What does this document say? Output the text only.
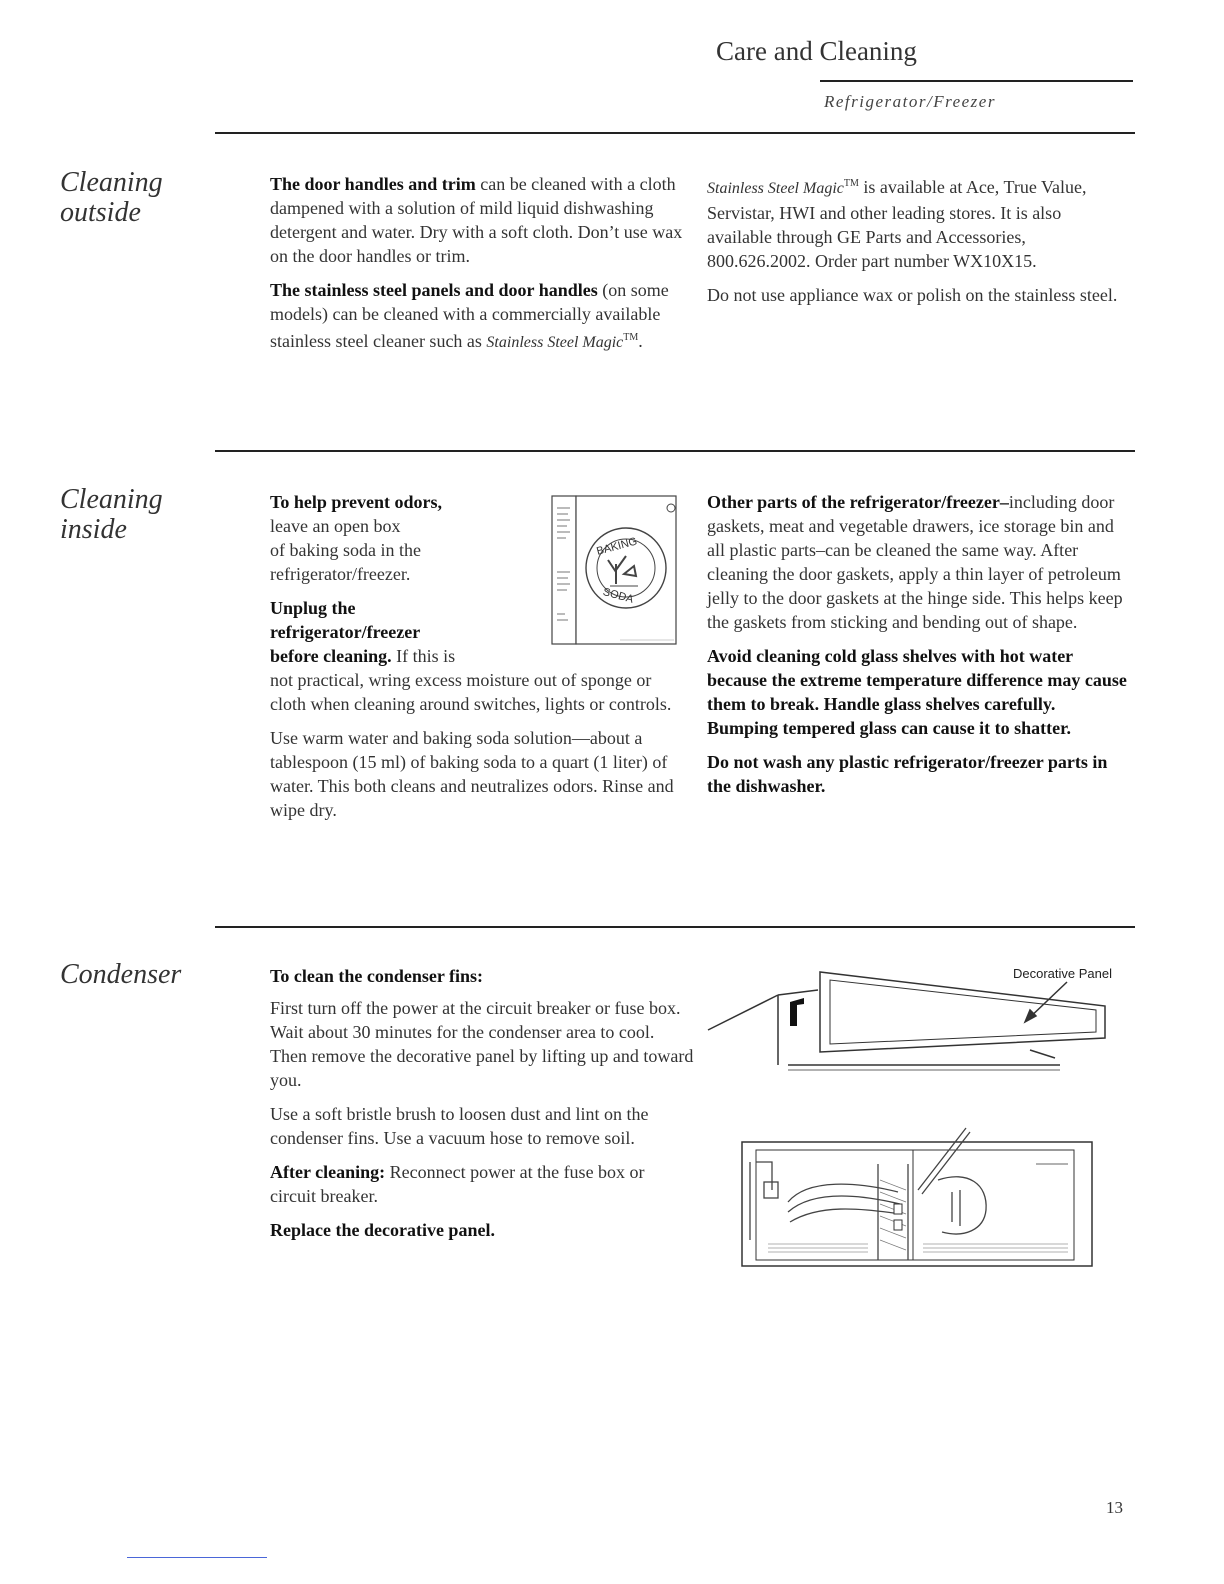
Care and Cleaning
Refrigerator/Freezer
Cleaning
outside

The door handles and trim can be cleaned with a cloth dampened with a solution of mild liquid dishwashing detergent and water. Dry with a soft cloth. Don’t use wax on the door handles or trim.

The stainless steel panels and door handles (on some models) can be cleaned with a commercially available stainless steel cleaner such as Stainless Steel Magic™.

Stainless Steel Magic™ is available at Ace, True Value, Servistar, HWI and other leading stores. It is also available through GE Parts and Accessories, 800.626.2002. Order part number WX10X15.

Do not use appliance wax or polish on the stainless steel.

Cleaning
inside

To help prevent odors,
leave an open box
of baking soda in the
refrigerator/freezer.

Unplug the
refrigerator/freezer
before cleaning. If this is
not practical, wring excess moisture out of sponge or cloth when cleaning around switches, lights or controls.

Use warm water and baking soda solution—about a tablespoon (15 ml) of baking soda to a quart (1 liter) of water. This both cleans and neutralizes odors. Rinse and wipe dry.

BAKING
SODA

Other parts of the refrigerator/freezer–including door gaskets, meat and vegetable drawers, ice storage bin and all plastic parts–can be cleaned the same way. After cleaning the door gaskets, apply a thin layer of petroleum jelly to the door gaskets at the hinge side. This helps keep the gaskets from sticking and bending out of shape.

Avoid cleaning cold glass shelves with hot water because the extreme temperature difference may cause them to break. Handle glass shelves carefully. Bumping tempered glass can cause it to shatter.

Do not wash any plastic refrigerator/freezer parts in the dishwasher.

Condenser	To clean the condenser fins:

First turn off the power at the circuit breaker or fuse box. Wait about 30 minutes for the condenser area to cool. Then remove the decorative panel by lifting up and toward you.

Use a soft bristle brush to loosen dust and lint on the condenser fins. Use a vacuum hose to remove soil.

After cleaning: Reconnect power at the fuse box or circuit breaker.

Replace the decorative panel.

Decorative Panel
13
